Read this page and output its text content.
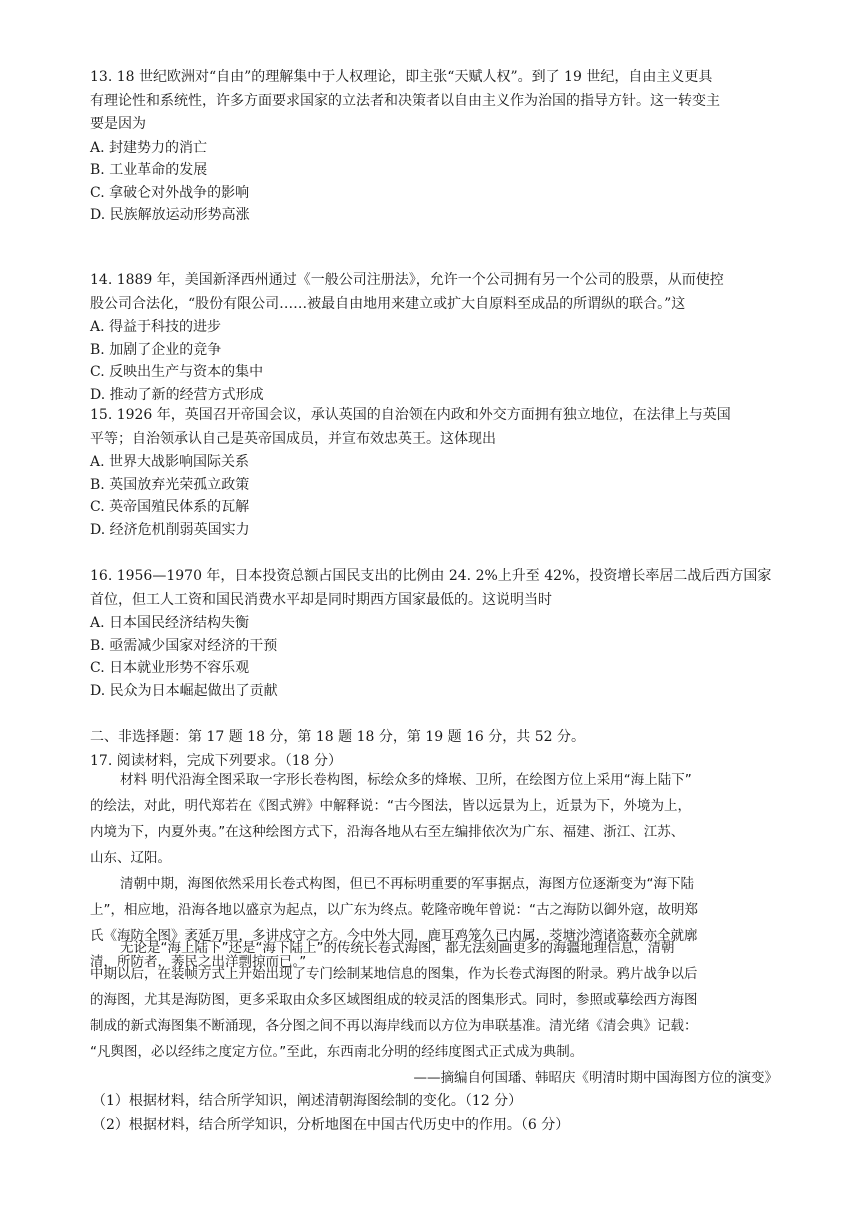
13. 18 世纪欧洲对“自由”的理解集中于人权理论，即主张“天赋人权”。到了 19 世纪，自由主义更具

有理论性和系统性，许多方面要求国家的立法者和决策者以自由主义作为治国的指导方针。这一转变主

要是因为

A. 封建势力的消亡

B. 工业革命的发展

C. 拿破仑对外战争的影响

D. 民族解放运动形势高涨

14. 1889 年，美国新泽西州通过《一般公司注册法》，允许一个公司拥有另一个公司的股票，从而使控

股公司合法化，“股份有限公司……被最自由地用来建立或扩大自原料至成品的所谓纵的联合。”这

A. 得益于科技的进步

B. 加剧了企业的竞争

C. 反映出生产与资本的集中

D. 推动了新的经营方式形成

15. 1926 年，英国召开帝国会议，承认英国的自治领在内政和外交方面拥有独立地位，在法律上与英国

平等；自治领承认自己是英帝国成员，并宣布效忠英王。这体现出

A. 世界大战影响国际关系

B. 英国放弃光荣孤立政策

C. 英帝国殖民体系的瓦解

D. 经济危机削弱英国实力

16. 1956—1970 年，日本投资总额占国民支出的比例由 24. 2%上升至 42%，投资增长率居二战后西方国家

首位，但工人工资和国民消费水平却是同时期西方国家最低的。这说明当时

A. 日本国民经济结构失衡

B. 亟需减少国家对经济的干预

C. 日本就业形势不容乐观

D. 民众为日本崛起做出了贡献

二、非选择题：第 17 题 18 分，第 18 题 18 分，第 19 题 16 分，共 52 分。

17. 阅读材料，完成下列要求。（18 分）

材料 明代沿海全图采取一字形长卷构图，标绘众多的烽堠、卫所，在绘图方位上采用“海上陆下”

的绘法，对此，明代郑若在《图式辨》中解释说：“古今图法，皆以远景为上，近景为下，外境为上，

内境为下，内夏外夷。”在这种绘图方式下，沿海各地从右至左编排依次为广东、福建、浙江、江苏、

山东、辽阳。

清朝中期，海图依然采用长卷式构图，但已不再标明重要的军事据点，海图方位逐渐变为“海下陆

上”，相应地，沿海各地以盛京为起点，以广东为终点。乾隆帝晚年曾说：“古之海防以御外寇，故明郑

氏《海防全图》袤延万里，多讲戍守之方。今中外大同，鹿耳鸡笼久已内属，茭塘沙湾诸盗薮亦全就廓

清，所防者，莠民之出洋剽掠而已。”

无论是“海上陆下”还是“海下陆上”的传统长卷式海图，都无法刻画更多的海疆地理信息，清朝

中期以后，在装帧方式上开始出现了专门绘制某地信息的图集，作为长卷式海图的附录。鸦片战争以后

的海图，尤其是海防图，更多采取由众多区域图组成的较灵活的图集形式。同时，参照或摹绘西方海图

制成的新式海图集不断涌现，各分图之间不再以海岸线而以方位为串联基准。清光绪《清会典》记载：

“凡舆图，必以经纬之度定方位。”至此，东西南北分明的经纬度图式正式成为典制。

——摘编自何国璠、韩昭庆《明清时期中国海图方位的演变》
（1）根据材料，结合所学知识，阐述清朝海图绘制的变化。（12 分）
（2）根据材料，结合所学知识，分析地图在中国古代历史中的作用。（6 分）
